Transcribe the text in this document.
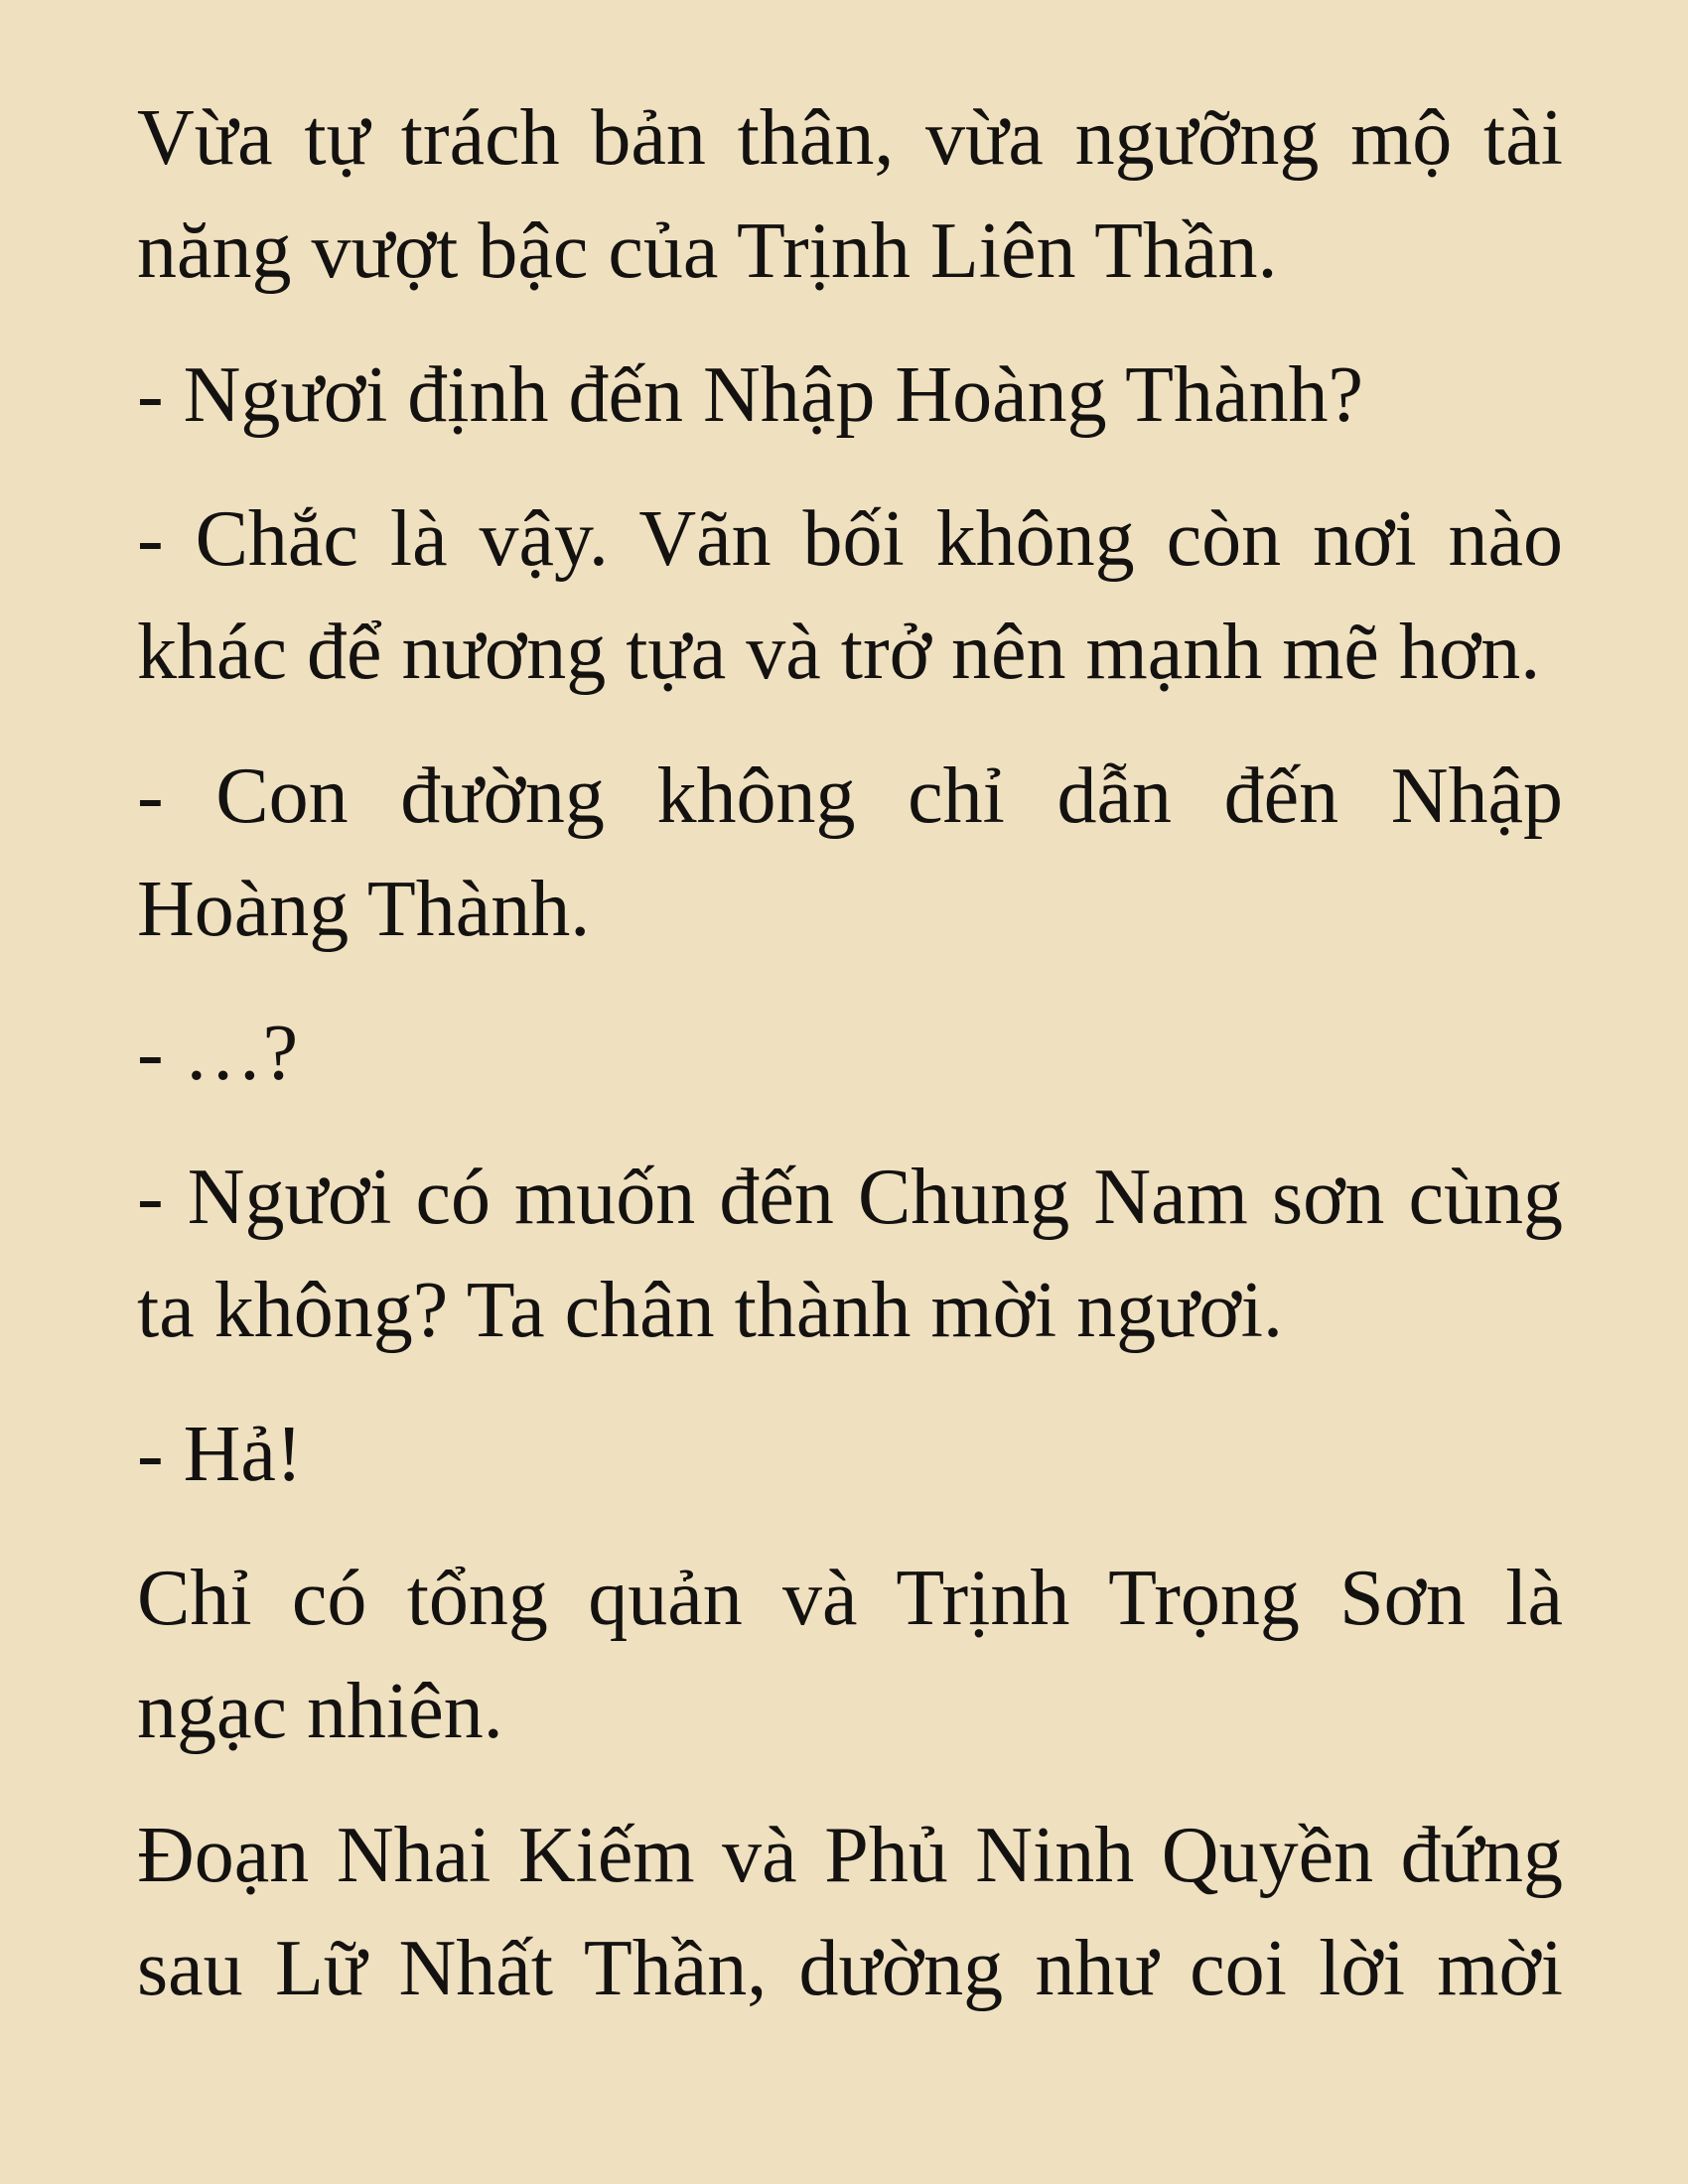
Vừa tự trách bản thân, vừa ngưỡng mộ tài năng vượt bậc của Trịnh Liên Thần.

- Ngươi định đến Nhập Hoàng Thành?

- Chắc là vậy. Vãn bối không còn nơi nào khác để nương tựa và trở nên mạnh mẽ hơn.

- Con đường không chỉ dẫn đến Nhập Hoàng Thành.

- …?

- Ngươi có muốn đến Chung Nam sơn cùng ta không? Ta chân thành mời ngươi.

- Hả!

Chỉ có tổng quản và Trịnh Trọng Sơn là ngạc nhiên.

Đoạn Nhai Kiếm và Phủ Ninh Quyền đứng sau Lữ Nhất Thần, dường như coi lời mời
